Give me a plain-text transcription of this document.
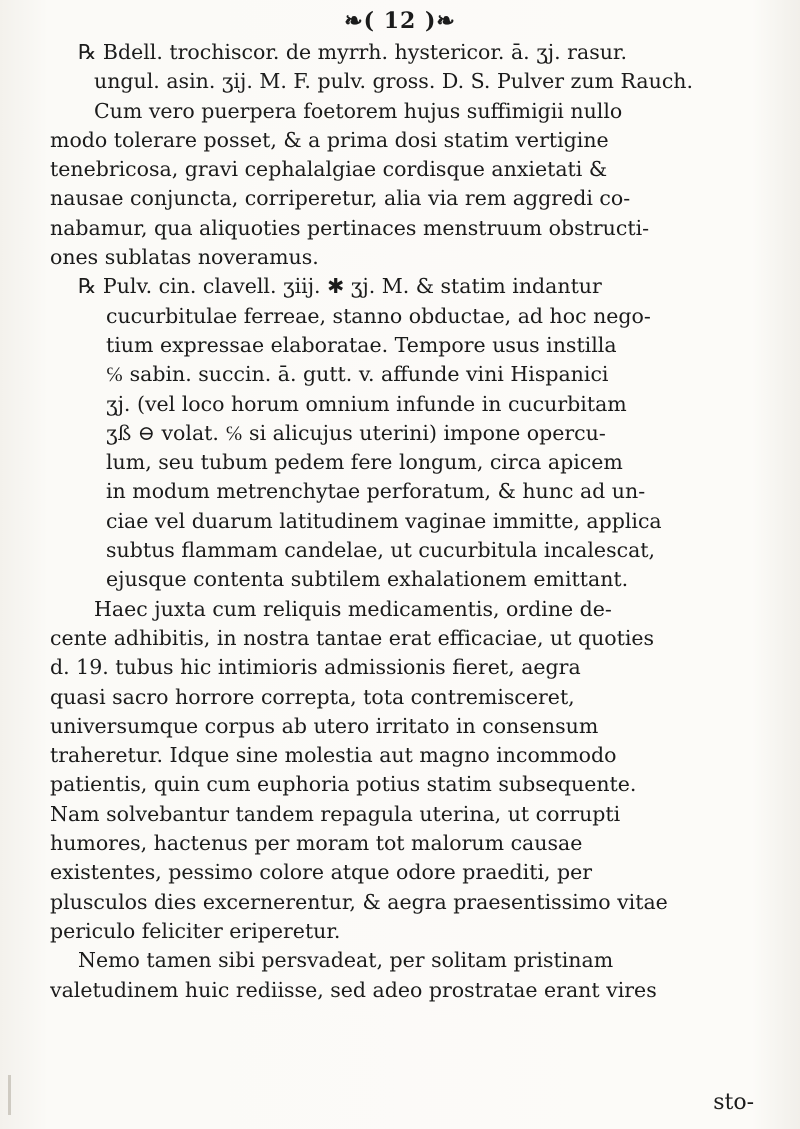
❧( 12 )❧
℞ Bdell. trochiscor. de myrrh. hystericor. ā. ʒj. rasur.
ungul. asin. ʒij. M. F. pulv. gross. D. S. Pulver zum Rauch.
Cum vero puerpera foetorem hujus suffimigii nullo
modo tolerare posset, & a prima dosi statim vertigine
tenebricosa, gravi cephalalgiae cordisque anxietati &
nausae conjuncta, corriperetur, alia via rem aggredi co-
nabamur, qua aliquoties pertinaces menstruum obstructi-
ones sublatas noveramus.
℞ Pulv. cin. clavell. ʒiij. ✱ ʒj. M. & statim indantur
cucurbitulae ferreae, stanno obductae, ad hoc nego-
tium expressae elaboratae. Tempore usus instilla
℅ sabin. succin. ā. gutt. v. affunde vini Hispanici
ʒj. (vel loco horum omnium infunde in cucurbitam
ʒß ⊖ volat. ℅ si alicujus uterini) impone opercu-
lum, seu tubum pedem fere longum, circa apicem
in modum metrenchytae perforatum, & hunc ad un-
ciae vel duarum latitudinem vaginae immitte, applica
subtus flammam candelae, ut cucurbitula incalescat,
ejusque contenta subtilem exhalationem emittant.
Haec juxta cum reliquis medicamentis, ordine de-
cente adhibitis, in nostra tantae erat efficaciae, ut quoties
d. 19. tubus hic intimioris admissionis fieret, aegra
quasi sacro horrore correpta, tota contremisceret,
universumque corpus ab utero irritato in consensum
traheretur. Idque sine molestia aut magno incommodo
patientis, quin cum euphoria potius statim subsequente.
Nam solvebantur tandem repagula uterina, ut corrupti
humores, hactenus per moram tot malorum causae
existentes, pessimo colore atque odore praediti, per
plusculos dies excernerentur, & aegra praesentissimo vitae
periculo feliciter eriperetur.
Nemo tamen sibi persvadeat, per solitam pristinam
valetudinem huic rediisse, sed adeo prostratae erant vires
sto-
